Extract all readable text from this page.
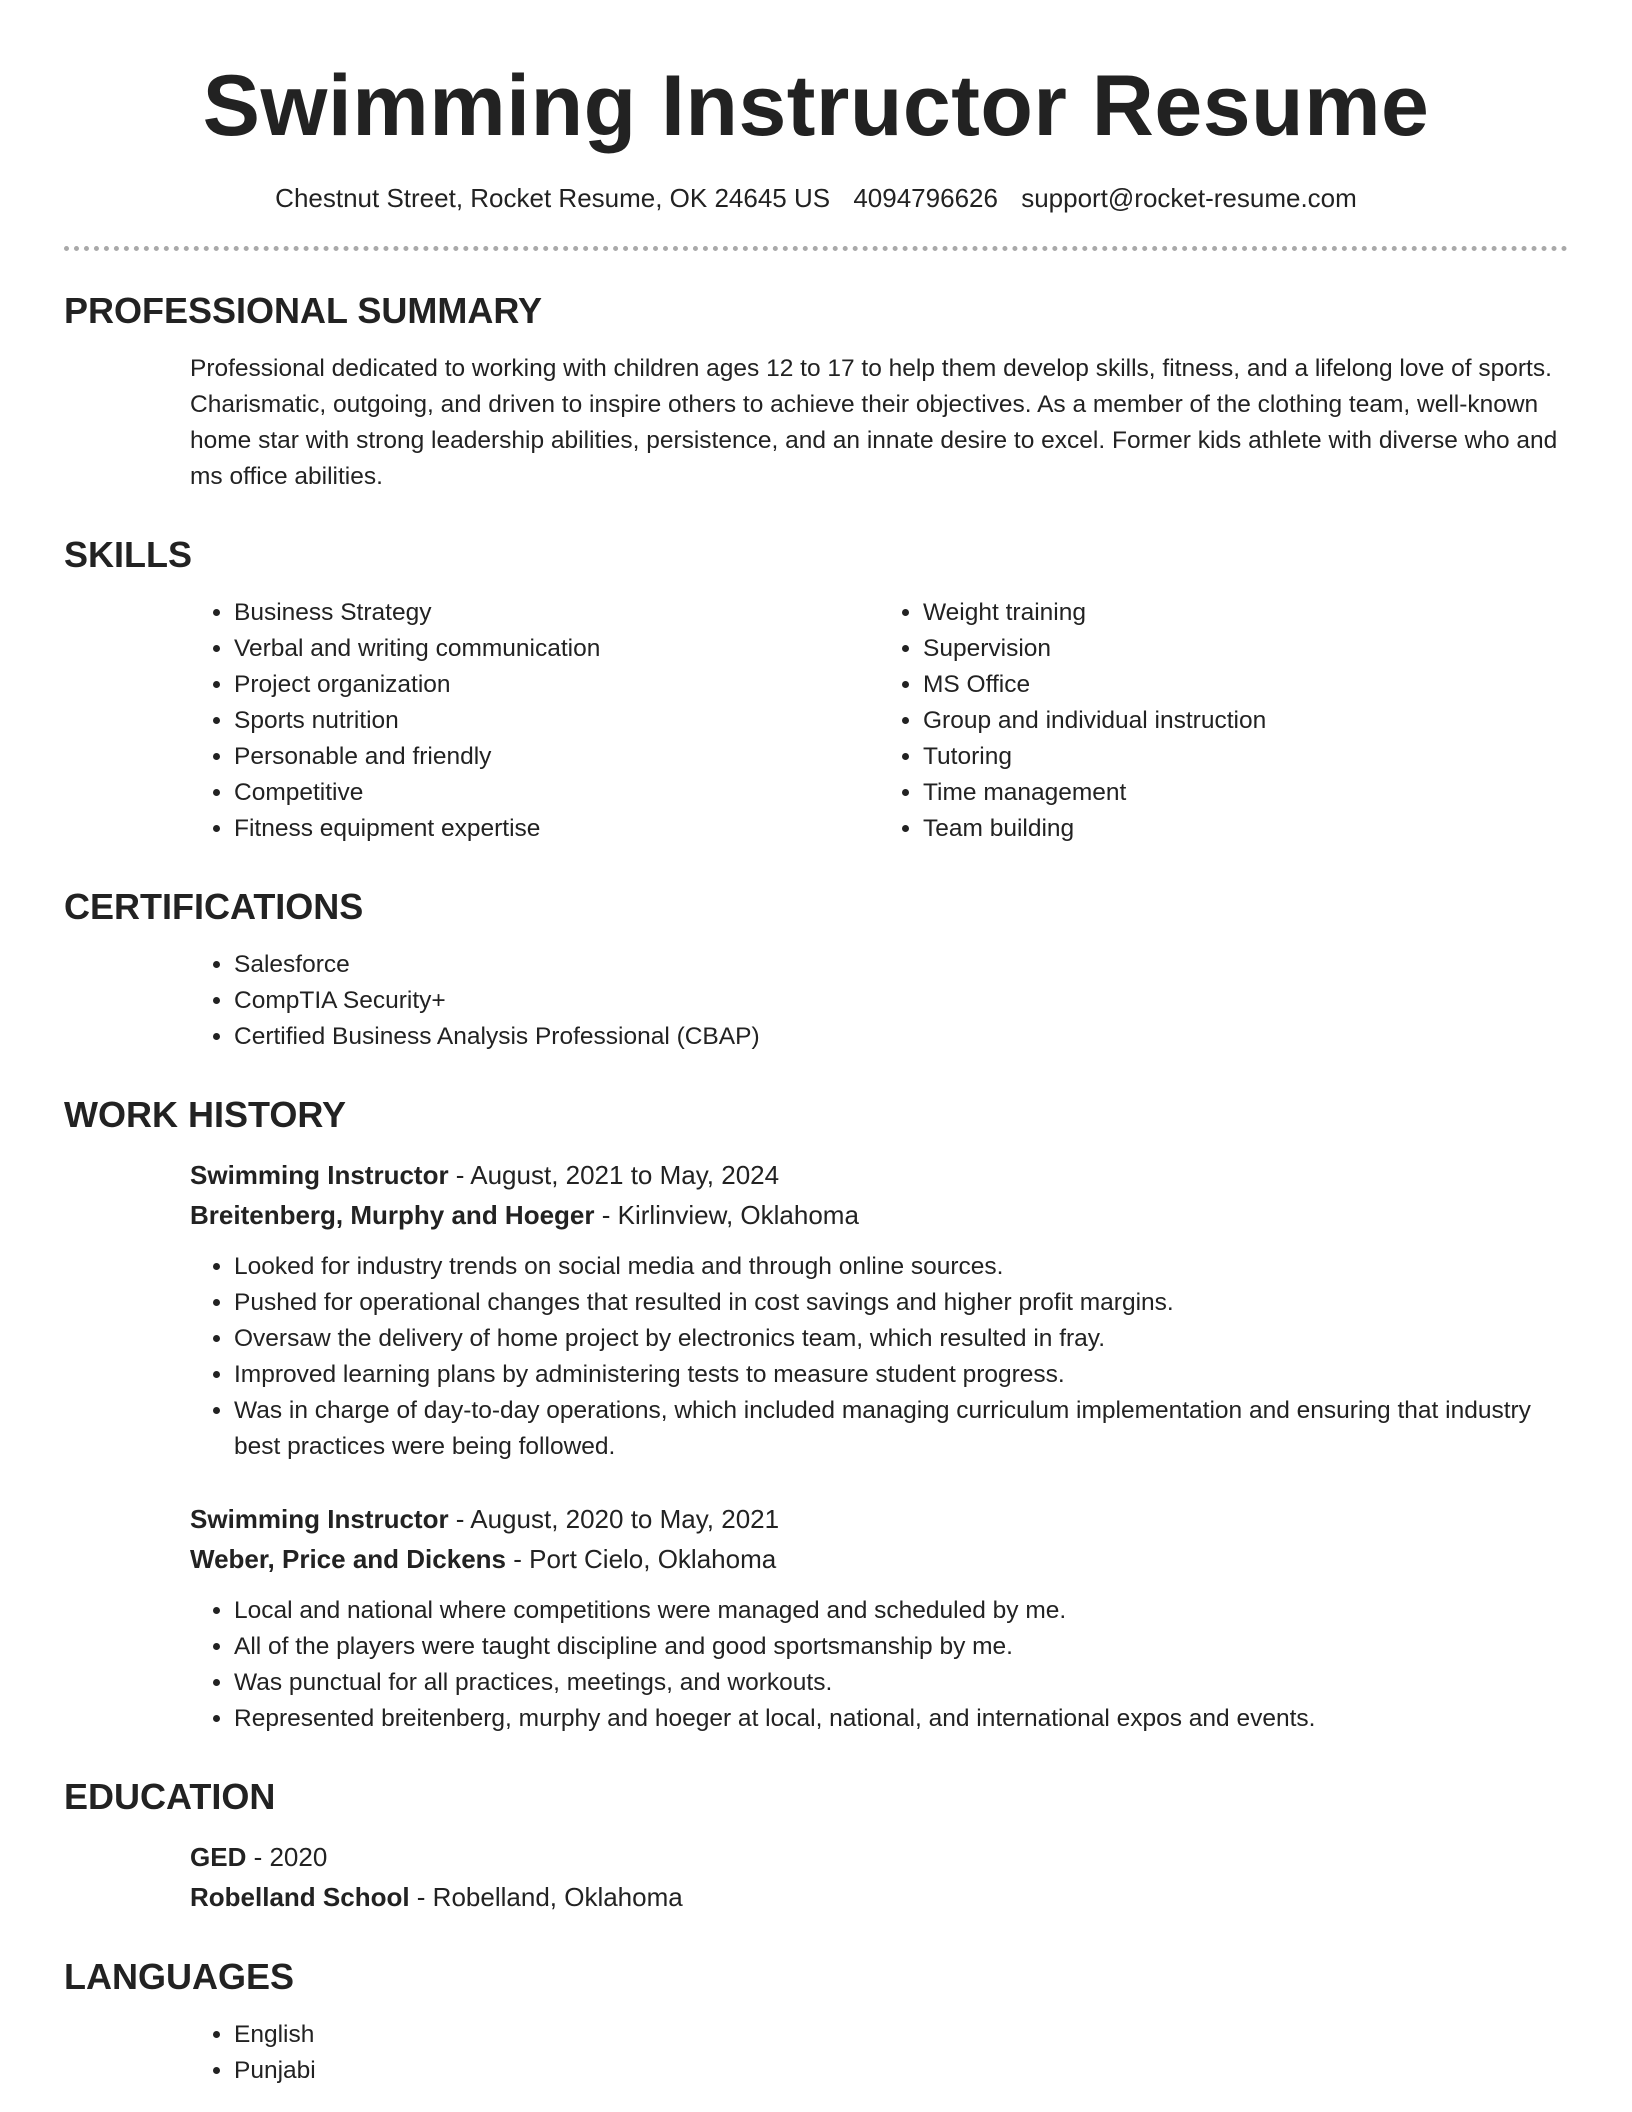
Swimming Instructor Resume
Chestnut Street, Rocket Resume, OK 24645 US 4094796626 support@rocket-resume.com
PROFESSIONAL SUMMARY

Professional dedicated to working with children ages 12 to 17 to help them develop skills, fitness, and a lifelong love of sports. Charismatic, outgoing, and driven to inspire others to achieve their objectives. As a member of the clothing team, well-known home star with strong leadership abilities, persistence, and an innate desire to excel. Former kids athlete with diverse who and ms office abilities.

SKILLS
• Business Strategy
• Verbal and writing communication
• Project organization
• Sports nutrition
• Personable and friendly
• Competitive
• Fitness equipment expertise
• Weight training
• Supervision
• MS Office
• Group and individual instruction
• Tutoring
• Time management
• Team building
CERTIFICATIONS
• Salesforce
• CompTIA Security+
• Certified Business Analysis Professional (CBAP)
WORK HISTORY
Swimming Instructor - August, 2021 to May, 2024
Breitenberg, Murphy and Hoeger - Kirlinview, Oklahoma
• Looked for industry trends on social media and through online sources.
• Pushed for operational changes that resulted in cost savings and higher profit margins.
• Oversaw the delivery of home project by electronics team, which resulted in fray.
• Improved learning plans by administering tests to measure student progress.
• Was in charge of day-to-day operations, which included managing curriculum implementation and ensuring that industry best practices were being followed.
Swimming Instructor - August, 2020 to May, 2021
Weber, Price and Dickens - Port Cielo, Oklahoma
• Local and national where competitions were managed and scheduled by me.
• All of the players were taught discipline and good sportsmanship by me.
• Was punctual for all practices, meetings, and workouts.
• Represented breitenberg, murphy and hoeger at local, national, and international expos and events.
EDUCATION
GED - 2020
Robelland School - Robelland, Oklahoma
LANGUAGES
• English
• Punjabi
